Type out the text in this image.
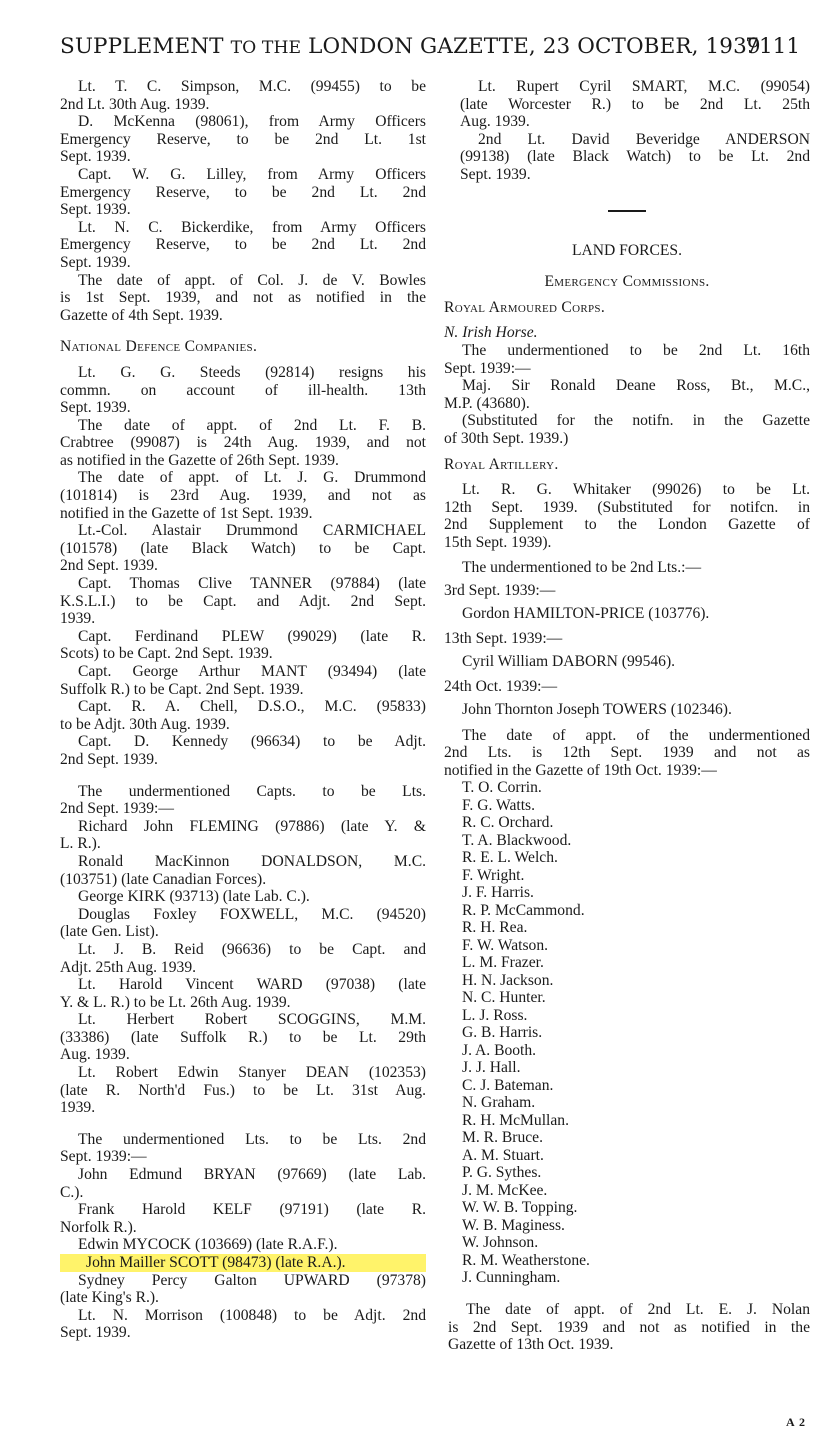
SUPPLEMENT TO THE LONDON GAZETTE, 23 OCTOBER, 1939
7111

Lt. T. C. Simpson, M.C. (99455) to be
2nd Lt. 30th Aug. 1939.

D. McKenna (98061), from Army Officers
Emergency Reserve, to be 2nd Lt. 1st
Sept. 1939.

Capt. W. G. Lilley, from Army Officers
Emergency Reserve, to be 2nd Lt. 2nd
Sept. 1939.

Lt. N. C. Bickerdike, from Army Officers
Emergency Reserve, to be 2nd Lt. 2nd
Sept. 1939.

The date of appt. of Col. J. de V. Bowles
is 1st Sept. 1939, and not as notified in the
Gazette of 4th Sept. 1939.

National Defence Companies.

Lt. G. G. Steeds (92814) resigns his
commn. on account of ill-health. 13th
Sept. 1939.

The date of appt. of 2nd Lt. F. B.
Crabtree (99087) is 24th Aug. 1939, and not
as notified in the Gazette of 26th Sept. 1939.

The date of appt. of Lt. J. G. Drummond
(101814) is 23rd Aug. 1939, and not as
notified in the Gazette of 1st Sept. 1939.

Lt.-Col. Alastair Drummond CARMICHAEL
(101578) (late Black Watch) to be Capt.
2nd Sept. 1939.

Capt. Thomas Clive TANNER (97884) (late
K.S.L.I.) to be Capt. and Adjt. 2nd Sept.
1939.

Capt. Ferdinand PLEW (99029) (late R.
Scots) to be Capt. 2nd Sept. 1939.

Capt. George Arthur MANT (93494) (late
Suffolk R.) to be Capt. 2nd Sept. 1939.

Capt. R. A. Chell, D.S.O., M.C. (95833)
to be Adjt. 30th Aug. 1939.

Capt. D. Kennedy (96634) to be Adjt.
2nd Sept. 1939.

The undermentioned Capts. to be Lts.
2nd Sept. 1939:—

Richard John FLEMING (97886) (late Y. &
L. R.).

Ronald MacKinnon DONALDSON, M.C.
(103751) (late Canadian Forces).

George KIRK (93713) (late Lab. C.).

Douglas Foxley FOXWELL, M.C. (94520)
(late Gen. List).

Lt. J. B. Reid (96636) to be Capt. and
Adjt. 25th Aug. 1939.

Lt. Harold Vincent WARD (97038) (late
Y. & L. R.) to be Lt. 26th Aug. 1939.

Lt. Herbert Robert SCOGGINS, M.M.
(33386) (late Suffolk R.) to be Lt. 29th
Aug. 1939.

Lt. Robert Edwin Stanyer DEAN (102353)
(late R. North'd Fus.) to be Lt. 31st Aug.
1939.

The undermentioned Lts. to be Lts. 2nd
Sept. 1939:—

John Edmund BRYAN (97669) (late Lab.
C.).

Frank Harold KELF (97191) (late R.
Norfolk R.).

Edwin MYCOCK (103669) (late R.A.F.).

John Mailler SCOTT (98473) (late R.A.).

Sydney Percy Galton UPWARD (97378)
(late King's R.).

Lt. N. Morrison (100848) to be Adjt. 2nd
Sept. 1939.

Lt. Rupert Cyril SMART, M.C. (99054)
(late Worcester R.) to be 2nd Lt. 25th
Aug. 1939.

2nd Lt. David Beveridge ANDERSON
(99138) (late Black Watch) to be Lt. 2nd
Sept. 1939.

LAND FORCES.

Emergency Commissions.

Royal Armoured Corps.

N. Irish Horse.

The undermentioned to be 2nd Lt. 16th
Sept. 1939:—

Maj. Sir Ronald Deane Ross, Bt., M.C.,
M.P. (43680).

(Substituted for the notifn. in the Gazette
of 30th Sept. 1939.)

Royal Artillery.

Lt. R. G. Whitaker (99026) to be Lt.
12th Sept. 1939. (Substituted for notifcn. in
2nd Supplement to the London Gazette of
15th Sept. 1939).

The undermentioned to be 2nd Lts.:—

3rd Sept. 1939:—

Gordon HAMILTON-PRICE (103776).

13th Sept. 1939:—

Cyril William DABORN (99546).

24th Oct. 1939:—

John Thornton Joseph TOWERS (102346).

The date of appt. of the undermentioned
2nd Lts. is 12th Sept. 1939 and not as
notified in the Gazette of 19th Oct. 1939:—

T. O. Corrin.

F. G. Watts.

R. C. Orchard.

T. A. Blackwood.

R. E. L. Welch.

F. Wright.

J. F. Harris.

R. P. McCammond.

R. H. Rea.

F. W. Watson.

L. M. Frazer.

H. N. Jackson.

N. C. Hunter.

L. J. Ross.

G. B. Harris.

J. A. Booth.

J. J. Hall.

C. J. Bateman.

N. Graham.

R. H. McMullan.

M. R. Bruce.

A. M. Stuart.

P. G. Sythes.

J. M. McKee.

W. W. B. Topping.

W. B. Maginess.

W. Johnson.

R. M. Weatherstone.

J. Cunningham.

The date of appt. of 2nd Lt. E. J. Nolan
is 2nd Sept. 1939 and not as notified in the
Gazette of 13th Oct. 1939.

A 2
